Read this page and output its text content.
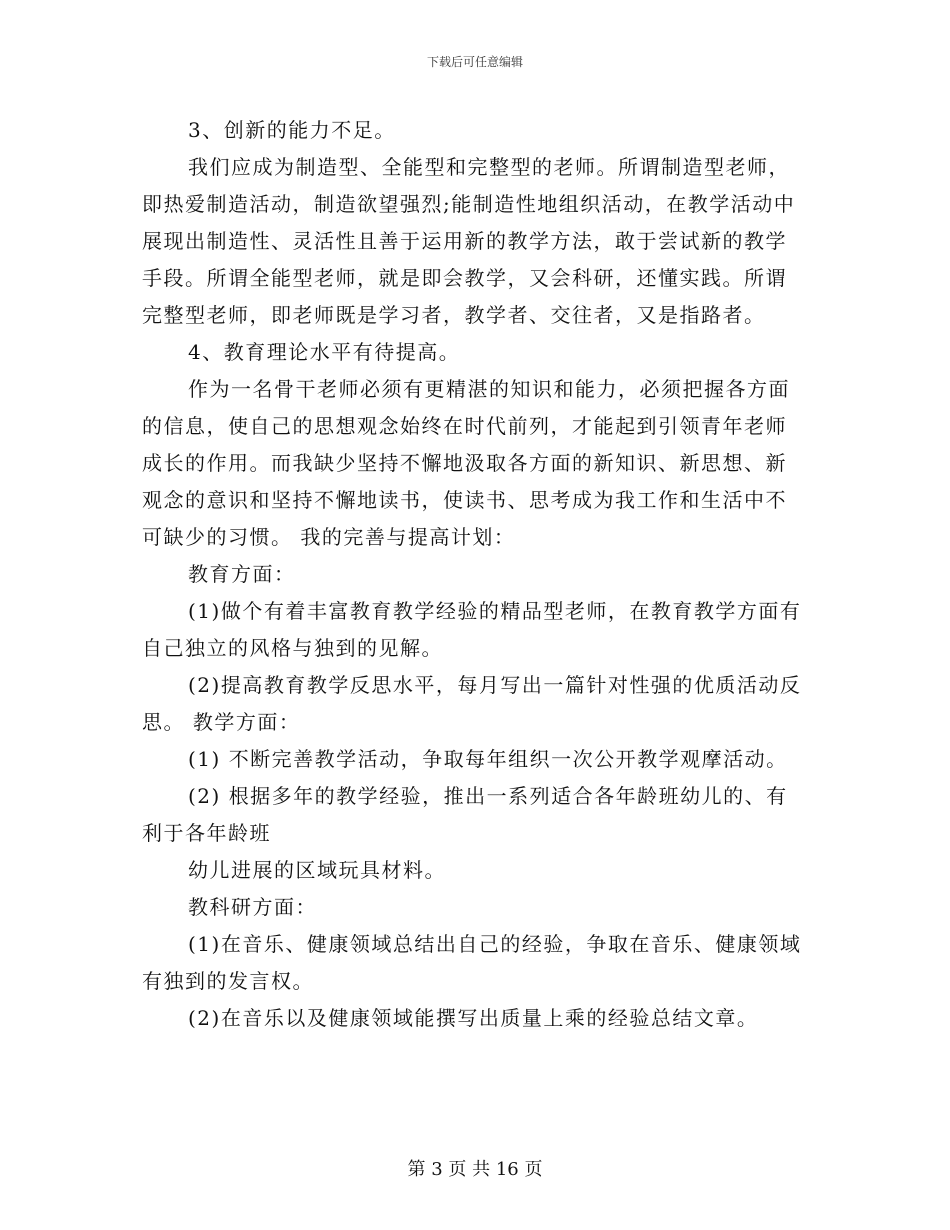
下载后可任意编辑
3、创新的能力不足。
我们应成为制造型、全能型和完整型的老师。所谓制造型老师，
即热爱制造活动，制造欲望强烈;能制造性地组织活动，在教学活动中
展现出制造性、灵活性且善于运用新的教学方法，敢于尝试新的教学
手段。所谓全能型老师，就是即会教学，又会科研，还懂实践。所谓
完整型老师，即老师既是学习者，教学者、交往者，又是指路者。
4、教育理论水平有待提高。
作为一名骨干老师必须有更精湛的知识和能力，必须把握各方面
的信息，使自己的思想观念始终在时代前列，才能起到引领青年老师
成长的作用。而我缺少坚持不懈地汲取各方面的新知识、新思想、新
观念的意识和坚持不懈地读书，使读书、思考成为我工作和生活中不
可缺少的习惯。 我的完善与提高计划：
教育方面：
(1)做个有着丰富教育教学经验的精品型老师，在教育教学方面有
自己独立的风格与独到的见解。
(2)提高教育教学反思水平，每月写出一篇针对性强的优质活动反
思。 教学方面：
(1) 不断完善教学活动，争取每年组织一次公开教学观摩活动。
(2) 根据多年的教学经验，推出一系列适合各年龄班幼儿的、有
利于各年龄班
幼儿进展的区域玩具材料。
教科研方面：
(1)在音乐、健康领域总结出自己的经验，争取在音乐、健康领域
有独到的发言权。
(2)在音乐以及健康领域能撰写出质量上乘的经验总结文章。
第 3 页 共 16 页
